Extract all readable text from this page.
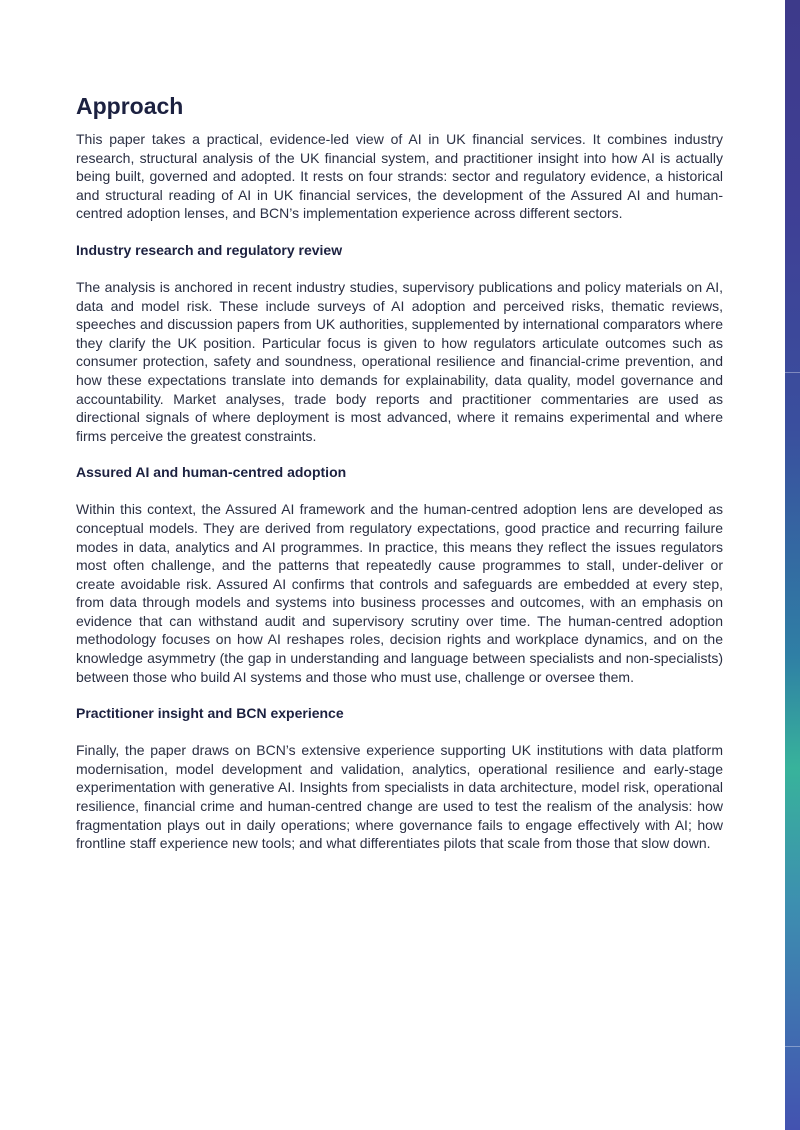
Approach

This paper takes a practical, evidence-led view of AI in UK financial services. It combines industry research, structural analysis of the UK financial system, and practitioner insight into how AI is actually being built, governed and adopted. It rests on four strands: sector and regulatory evidence, a historical and structural reading of AI in UK financial services, the development of the Assured AI and human-centred adoption lenses, and BCN’s implementation experience across different sectors.

Industry research and regulatory review

The analysis is anchored in recent industry studies, supervisory publications and policy materials on AI, data and model risk. These include surveys of AI adoption and perceived risks, thematic reviews, speeches and discussion papers from UK authorities, supplemented by international comparators where they clarify the UK position. Particular focus is given to how regulators articulate outcomes such as consumer protection, safety and soundness, operational resilience and financial-crime prevention, and how these expectations translate into demands for explainability, data quality, model governance and accountability. Market analyses, trade body reports and practitioner commentaries are used as directional signals of where deployment is most advanced, where it remains experimental and where firms perceive the greatest constraints.

Assured AI and human-centred adoption

Within this context, the Assured AI framework and the human-centred adoption lens are developed as conceptual models. They are derived from regulatory expectations, good practice and recurring failure modes in data, analytics and AI programmes. In practice, this means they reflect the issues regulators most often challenge, and the patterns that repeatedly cause programmes to stall, under-deliver or create avoidable risk. Assured AI confirms that controls and safeguards are embedded at every step, from data through models and systems into business processes and outcomes, with an emphasis on evidence that can withstand audit and supervisory scrutiny over time. The human-centred adoption methodology focuses on how AI reshapes roles, decision rights and workplace dynamics, and on the knowledge asymmetry (the gap in understanding and language between specialists and non-specialists) between those who build AI systems and those who must use, challenge or oversee them.

Practitioner insight and BCN experience

Finally, the paper draws on BCN’s extensive experience supporting UK institutions with data platform modernisation, model development and validation, analytics, operational resilience and early-stage experimentation with generative AI. Insights from specialists in data architecture, model risk, operational resilience, financial crime and human-centred change are used to test the realism of the analysis: how fragmentation plays out in daily operations; where governance fails to engage effectively with AI; how frontline staff experience new tools; and what differentiates pilots that scale from those that slow down.
